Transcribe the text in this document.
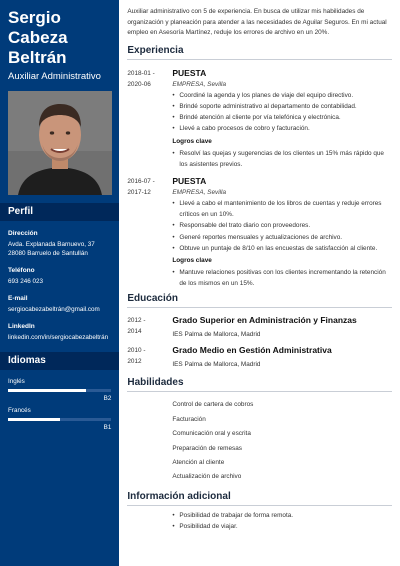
Sergio
Cabeza
Beltrán
Auxiliar Administrativo
Perfil
Dirección
Avda. Explanada Barnuevo, 37
28080 Barruelo de Santullán
Teléfono
693 246 023
E-mail
sergiocabezabeltrán@gmail.com
LinkedIn
linkedin.com/in/sergiocabezabeltrán
Idiomas
Inglés
B2
Francés
B1
Auxiliar administrativo con 5 de experiencia. En busca de utilizar mis habilidades de organización y planeación para atender a las necesidades de Aguilar Seguros. En mi actual empleo en Asesoría Martínez, reduje los errores de archivo en un 20%.
Experiencia
2018-01 -
2020-06
PUESTA
EMPRESA, Sevilla
• Coordiné la agenda y los planes de viaje del equipo directivo.
• Brindé soporte administrativo al departamento de contabilidad.
• Brindé atención al cliente por vía telefónica y electrónica.
• Llevé a cabo procesos de cobro y facturación.
Logros clave
• Resolví las quejas y sugerencias de los clientes un 15% más rápido que los asistentes previos.
2016-07 -
2017-12
PUESTA
EMPRESA, Sevilla
• Llevé a cabo el mantenimiento de los libros de cuentas y reduje errores críticos en un 10%.
• Responsable del trato diario con proveedores.
• Generé reportes mensuales y actualizaciones de archivo.
• Obtuve un puntaje de 8/10 en las encuestas de satisfacción al cliente.
Logros clave
• Mantuve relaciones positivas con los clientes incrementando la retención de los mismos en un 15%.
Educación
2012 -
2014
Grado Superior en Administración y Finanzas
IES Palma de Mallorca, Madrid
2010 -
2012
Grado Medio en Gestión Administrativa
IES Palma de Mallorca, Madrid
Habilidades
Control de cartera de cobros
Facturación
Comunicación oral y escrita
Preparación de remesas
Atención al cliente
Actualización de archivo
Información adicional
• Posibilidad de trabajar de forma remota.
• Posibilidad de viajar.
